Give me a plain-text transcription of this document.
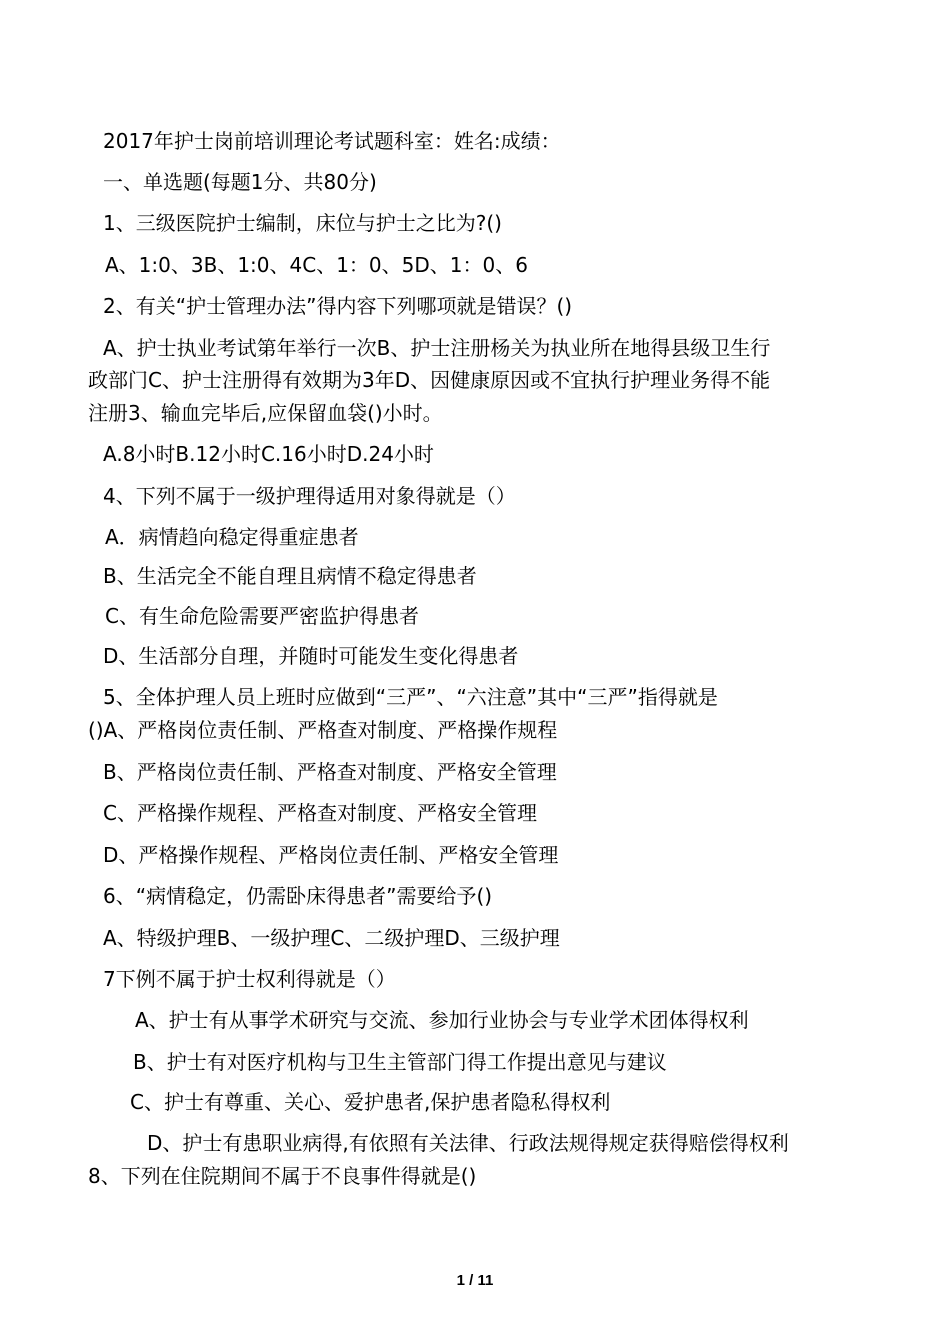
2017年护士岗前培训理论考试题科室：姓名:成绩：
一、单选题(每题1分、共80分)
1、三级医院护士编制，床位与护士之比为?()
A、1:0、3B、1:0、4C、1：0、5D、1：0、6
2、有关“护士管理办法”得内容下列哪项就是错误？()
A、护士执业考试第年举行一次B、护士注册杨关为执业所在地得县级卫生行
政部门C、护士注册得有效期为3年D、因健康原因或不宜执行护理业务得不能
注册3、输血完毕后,应保留血袋()小时。
A.8小时B.12小时C.16小时D.24小时
4、下列不属于一级护理得适用对象得就是（）
A．病情趋向稳定得重症患者
B、生活完全不能自理且病情不稳定得患者
C、有生命危险需要严密监护得患者
D、生活部分自理，并随时可能发生变化得患者
5、全体护理人员上班时应做到“三严”、“六注意”其中“三严”指得就是
()A、严格岗位责任制、严格查对制度、严格操作规程
B、严格岗位责任制、严格查对制度、严格安全管理
C、严格操作规程、严格查对制度、严格安全管理
D、严格操作规程、严格岗位责任制、严格安全管理
6、“病情稳定，仍需卧床得患者”需要给予()
A、特级护理B、一级护理C、二级护理D、三级护理
7下例不属于护士权利得就是（）
A、护士有从事学术研究与交流、参加行业协会与专业学术团体得权利
B、护士有对医疗机构与卫生主管部门得工作提出意见与建议
C、护士有尊重、关心、爱护患者,保护患者隐私得权利
D、护士有患职业病得,有依照有关法律、行政法规得规定获得赔偿得权利
8、下列在住院期间不属于不良事件得就是()
1 / 11
